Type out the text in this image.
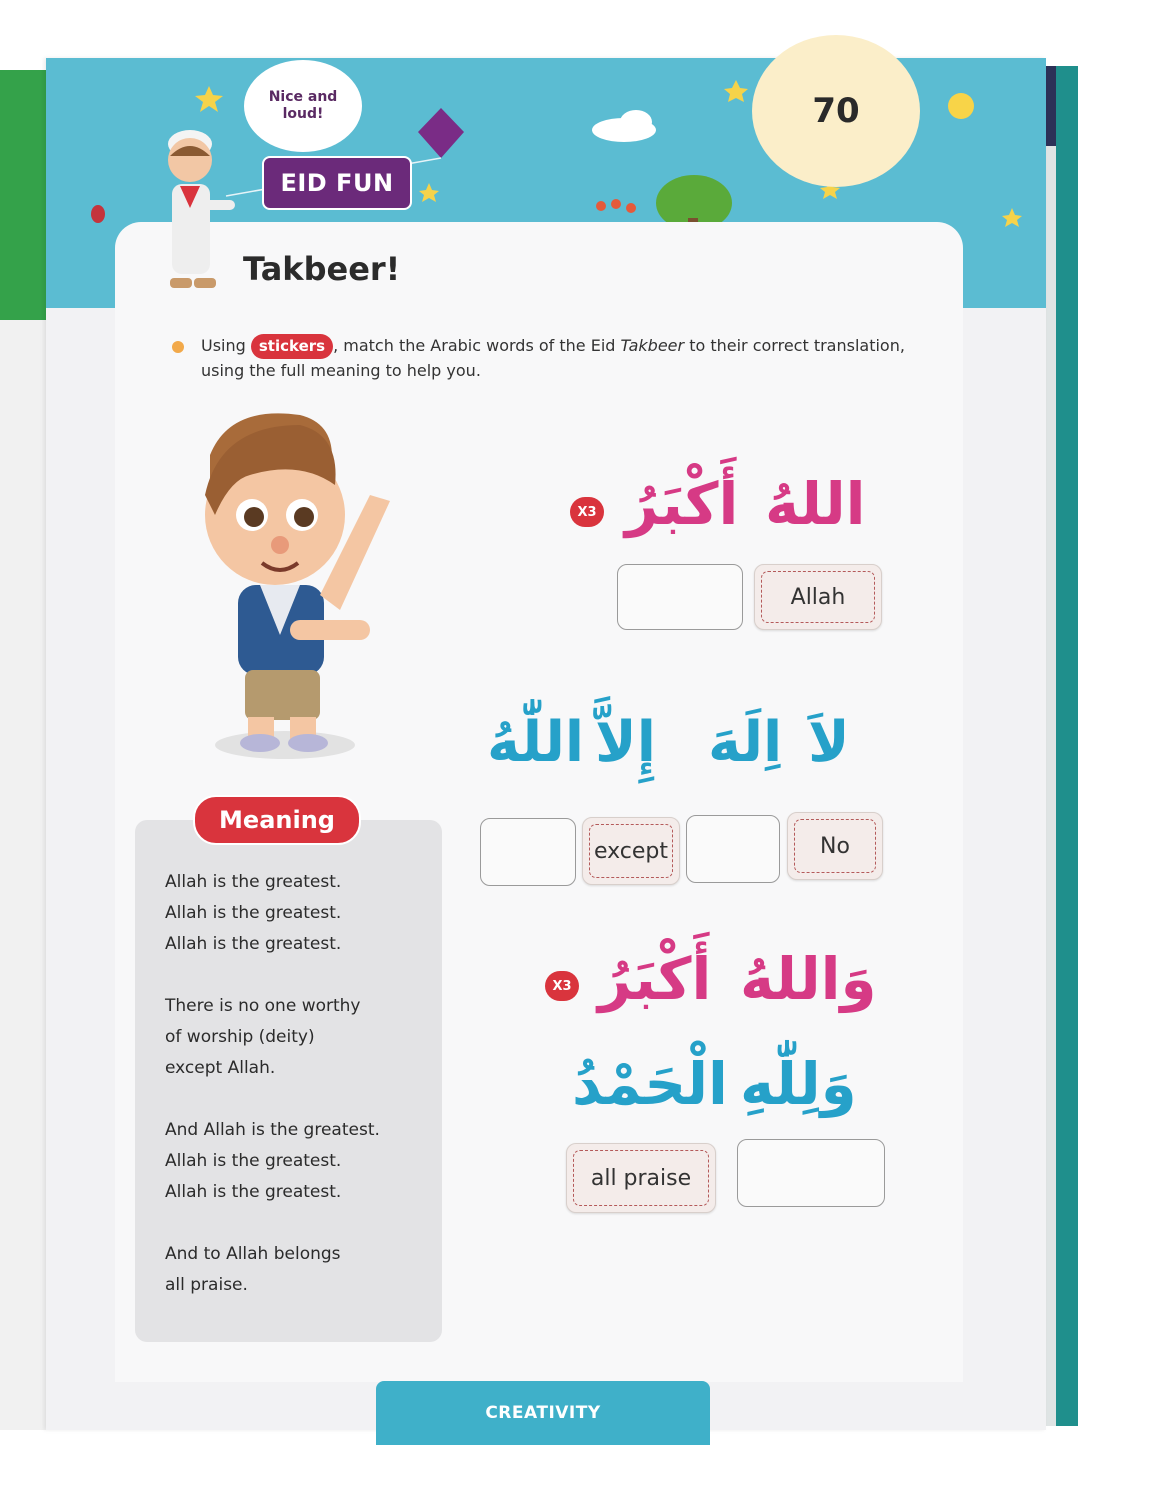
70
Nice and loud!
EID FUN
Takbeer!
Using stickers , match the Arabic words of the Eid Takbeer to their correct translation, using the full meaning to help you.
Meaning
Allah is the greatest.
Allah is the greatest.
Allah is the greatest.
There is no one worthy
of worship (deity)
except Allah.
And Allah is the greatest.
Allah is the greatest.
Allah is the greatest.
And to Allah belongs
all praise.
X3	اللهُ
أَكْبَرُ
Allah
لاَ
اِلَهَ
إِلاَّ
اللّٰهُ
except	No
X3	وَاللهُ
أَكْبَرُ
وَلِلّٰهِ
الْحَمْدُ
all praise
CREATIVITY
